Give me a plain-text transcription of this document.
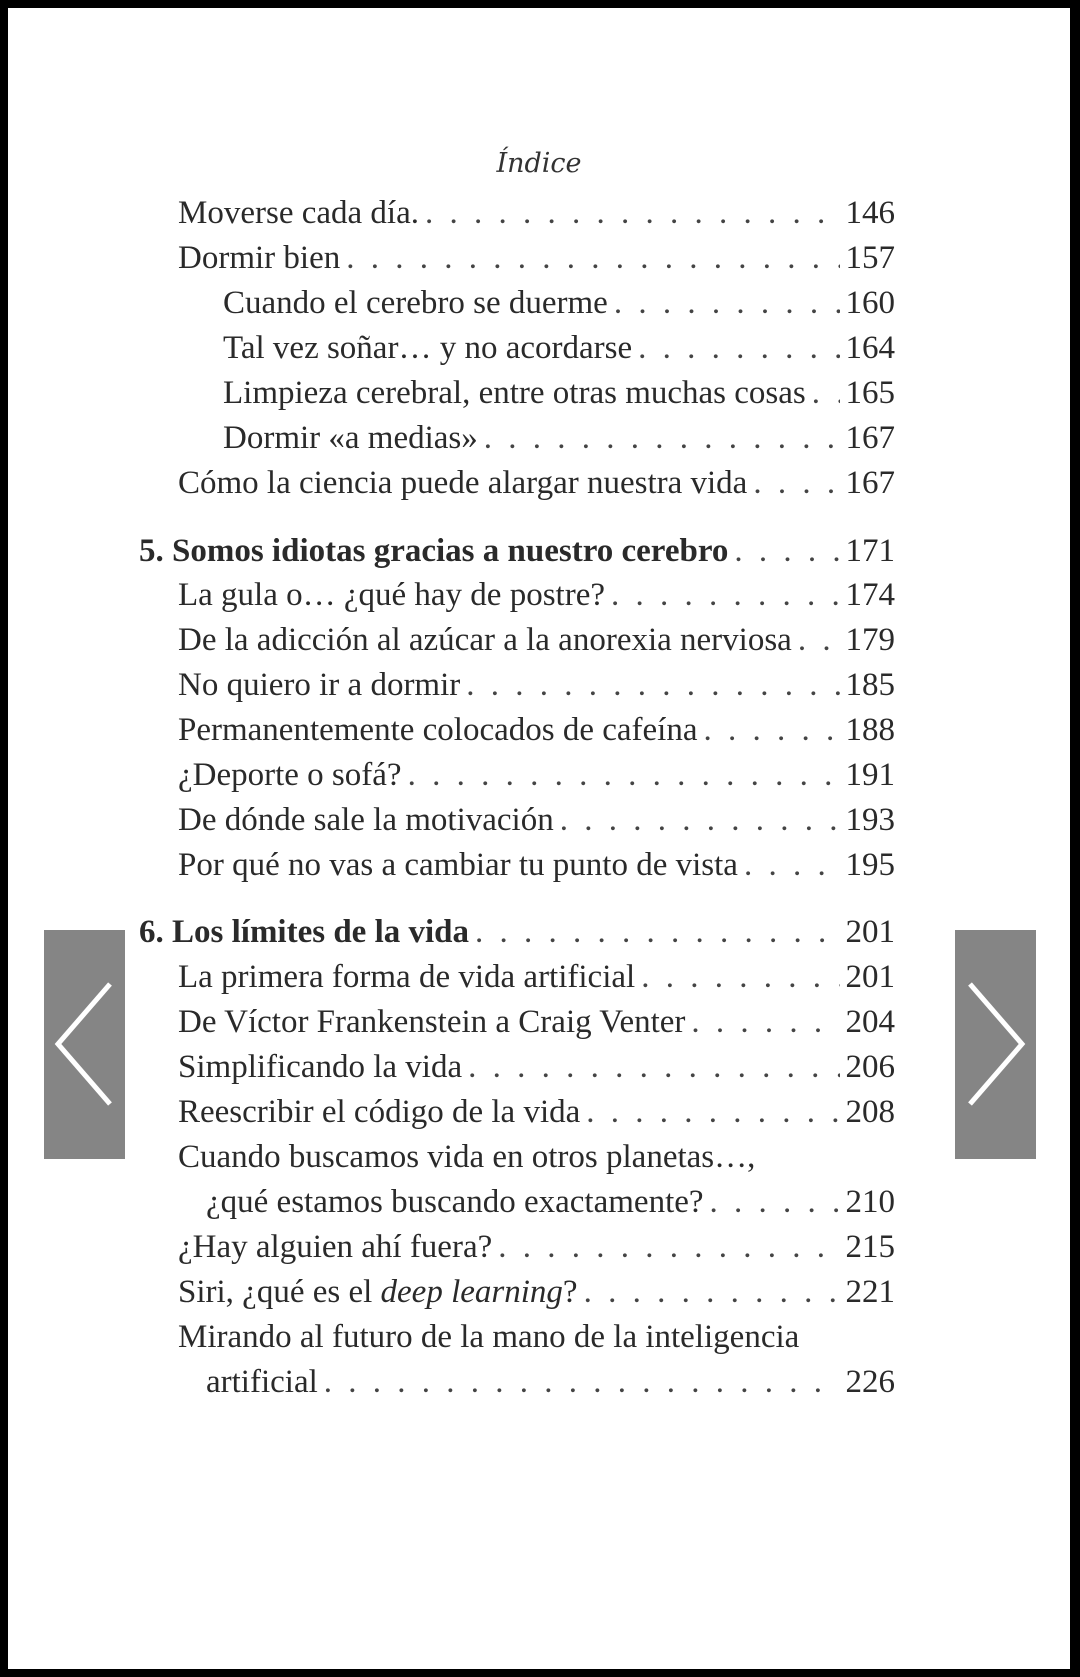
Índice
Moverse cada día. . . .	146
Dormir bien . . .	157
Cuando el cerebro se duerme . . .	160
Tal vez soñar… y no acordarse . . .	164
Limpieza cerebral, entre otras muchas cosas . . . 165
Dormir «a medias» . . .	167
Cómo la ciencia puede alargar nuestra vida . . .	167
5. Somos idiotas gracias a nuestro cerebro . . .	171
La gula o… ¿qué hay de postre? . . .	174
De la adicción al azúcar a la anorexia nerviosa . . . 179
No quiero ir a dormir . . .	185
Permanentemente colocados de cafeína . . .	188
¿Deporte o sofá? . . .	191
De dónde sale la motivación . . .	193
Por qué no vas a cambiar tu punto de vista . . .	195
6. Los límites de la vida . . .	201
La primera forma de vida artificial . . .	201
De Víctor Frankenstein a Craig Venter . . .	204
Simplificando la vida . . .	206
Reescribir el código de la vida . . .	208
Cuando buscamos vida en otros planetas…,
¿qué estamos buscando exactamente? . . .	210
¿Hay alguien ahí fuera? . . .	215
Siri, ¿qué es el deep learning? . . .	221
Mirando al futuro de la mano de la inteligencia
artificial . . .	226
